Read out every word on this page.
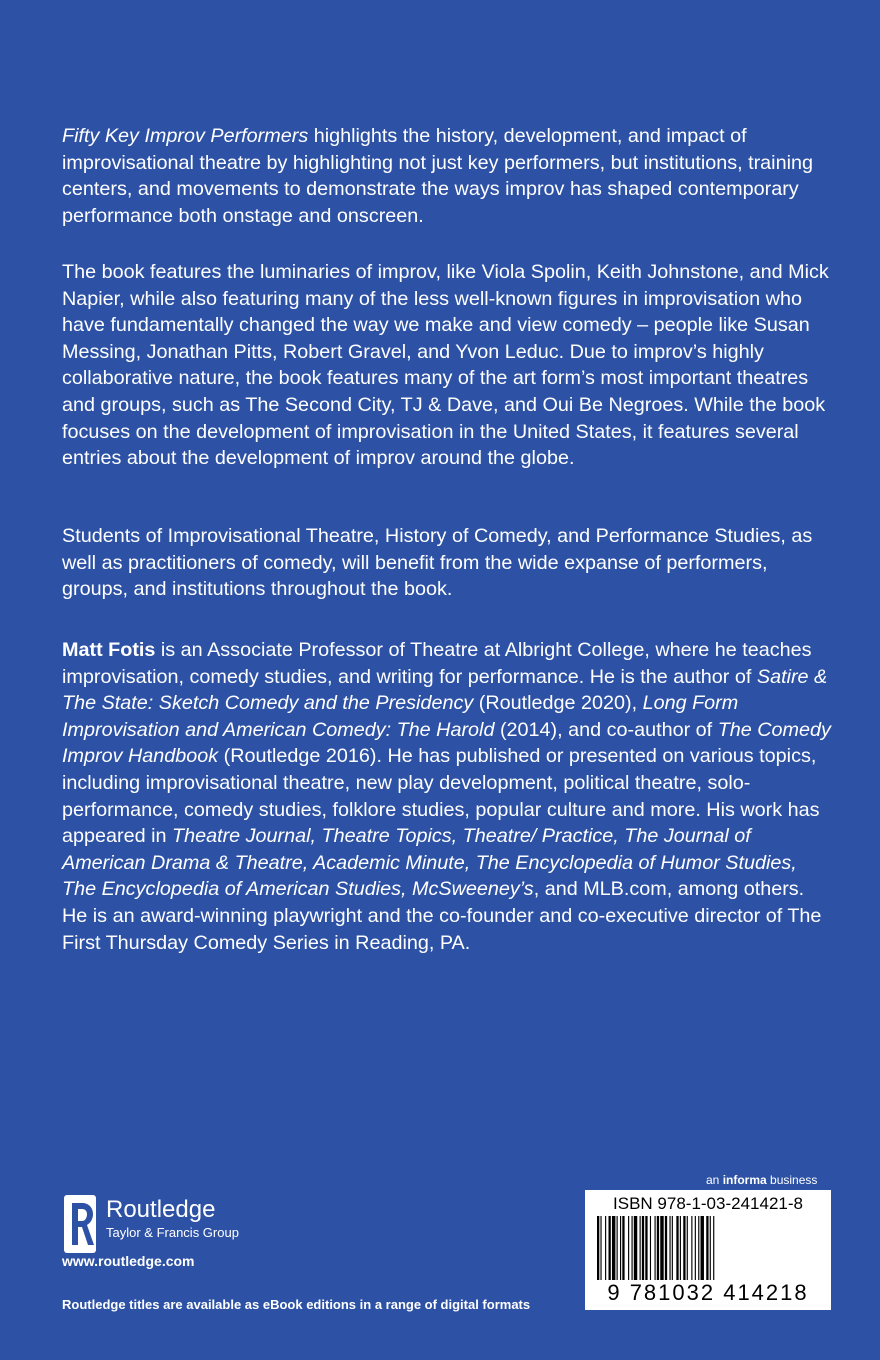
Fifty Key Improv Performers highlights the history, development, and impact of improvisational theatre by highlighting not just key performers, but institutions, training centers, and movements to demonstrate the ways improv has shaped contemporary performance both onstage and onscreen.

The book features the luminaries of improv, like Viola Spolin, Keith Johnstone, and Mick Napier, while also featuring many of the less well-known figures in improvisation who have fundamentally changed the way we make and view comedy – people like Susan Messing, Jonathan Pitts, Robert Gravel, and Yvon Leduc. Due to improv’s highly collaborative nature, the book features many of the art form’s most important theatres and groups, such as The Second City, TJ & Dave, and Oui Be Negroes. While the book focuses on the development of improvisation in the United States, it features several entries about the development of improv around the globe.

Students of Improvisational Theatre, History of Comedy, and Performance Studies, as well as practitioners of comedy, will benefit from the wide expanse of performers, groups, and institutions throughout the book.

Matt Fotis is an Associate Professor of Theatre at Albright College, where he teaches improvisation, comedy studies, and writing for performance. He is the author of Satire & The State: Sketch Comedy and the Presidency (Routledge 2020), Long Form Improvisation and American Comedy: The Harold (2014), and co-author of The Comedy Improv Handbook (Routledge 2016). He has published or presented on various topics, including improvisational theatre, new play development, political theatre, solo-performance, comedy studies, folklore studies, popular culture and more. His work has appeared in Theatre Journal, Theatre Topics, Theatre/ Practice, The Journal of American Drama & Theatre, Academic Minute, The Encyclopedia of Humor Studies, The Encyclopedia of American Studies, McSweeney’s, and MLB.com, among others. He is an award-winning playwright and the co-founder and co-executive director of The First Thursday Comedy Series in Reading, PA.

an informa business
Routledge
Taylor & Francis Group
www.routledge.com
Routledge titles are available as eBook editions in a range of digital formats
ISBN 978-1-03-241421-8
9 781032 414218
